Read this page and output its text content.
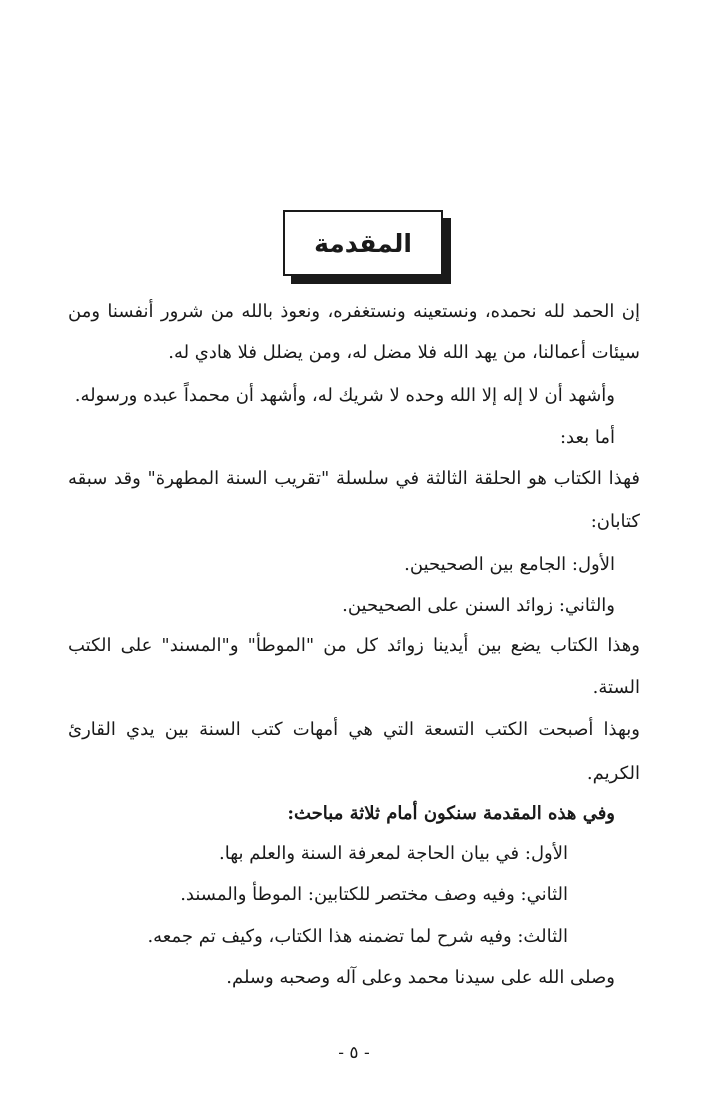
المقدمة
إن الحمد لله نحمده، ونستعينه ونستغفره، ونعوذ بالله من شرور أنفسنا ومن
سيئات أعمالنا، من يهد الله فلا مضل له، ومن يضلل فلا هادي له.
وأشهد أن لا إله إلا الله وحده لا شريك له، وأشهد أن محمداً عبده ورسوله.
أما بعد:
فهذا الكتاب هو الحلقة الثالثة في سلسلة "تقريب السنة المطهرة" وقد سبقه
كتابان:
الأول: الجامع بين الصحيحين.
والثاني: زوائد السنن على الصحيحين.
وهذا الكتاب يضع بين أيدينا زوائد كل من "الموطأ" و"المسند" على الكتب
الستة.
وبهذا أصبحت الكتب التسعة التي هي أمهات كتب السنة بين يدي القارئ
الكريم.
وفي هذه المقدمة سنكون أمام ثلاثة مباحث:
الأول: في بيان الحاجة لمعرفة السنة والعلم بها.
الثاني: وفيه وصف مختصر للكتابين: الموطأ والمسند.
الثالث: وفيه شرح لما تضمنه هذا الكتاب، وكيف تم جمعه.
وصلى الله على سيدنا محمد وعلى آله وصحبه وسلم.
- ٥ -
